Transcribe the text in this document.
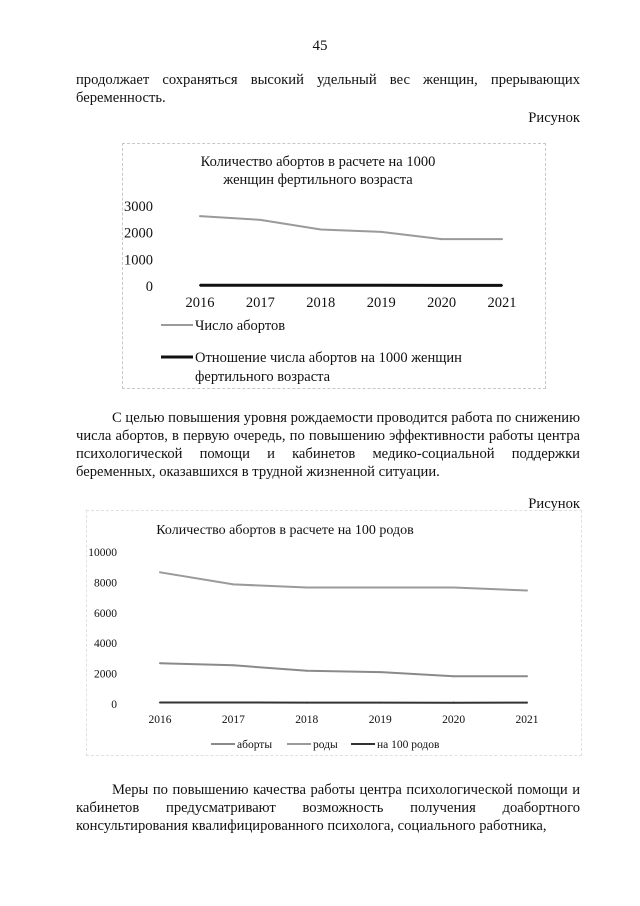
45

продолжает сохраняться высокий удельный вес женщин, прерывающих беременность.

Рисунок
Количество абортов в расчете на 1000
женщин фертильного возраста
0
1000
2000
3000
2016 2017 2018 2019 2020 2021
Число абортов
Отношение числа абортов на 1000 женщин
фертильного возраста

С целью повышения уровня рождаемости проводится работа по снижению числа абортов, в первую очередь, по повышению эффективности работы центра психологической помощи и кабинетов медико-социальной поддержки беременных, оказавшихся в трудной жизненной ситуации.

Рисунок
Количество абортов в расчете на 100 родов
0
2000
4000
6000
8000
10000
2016	2017	2018	2019	2020	2021
аборты	роды	на 100 родов

Меры по повышению качества работы центра психологической помощи и кабинетов предусматривают возможность получения доабортного консультирования квалифицированного психолога, социального работника,
